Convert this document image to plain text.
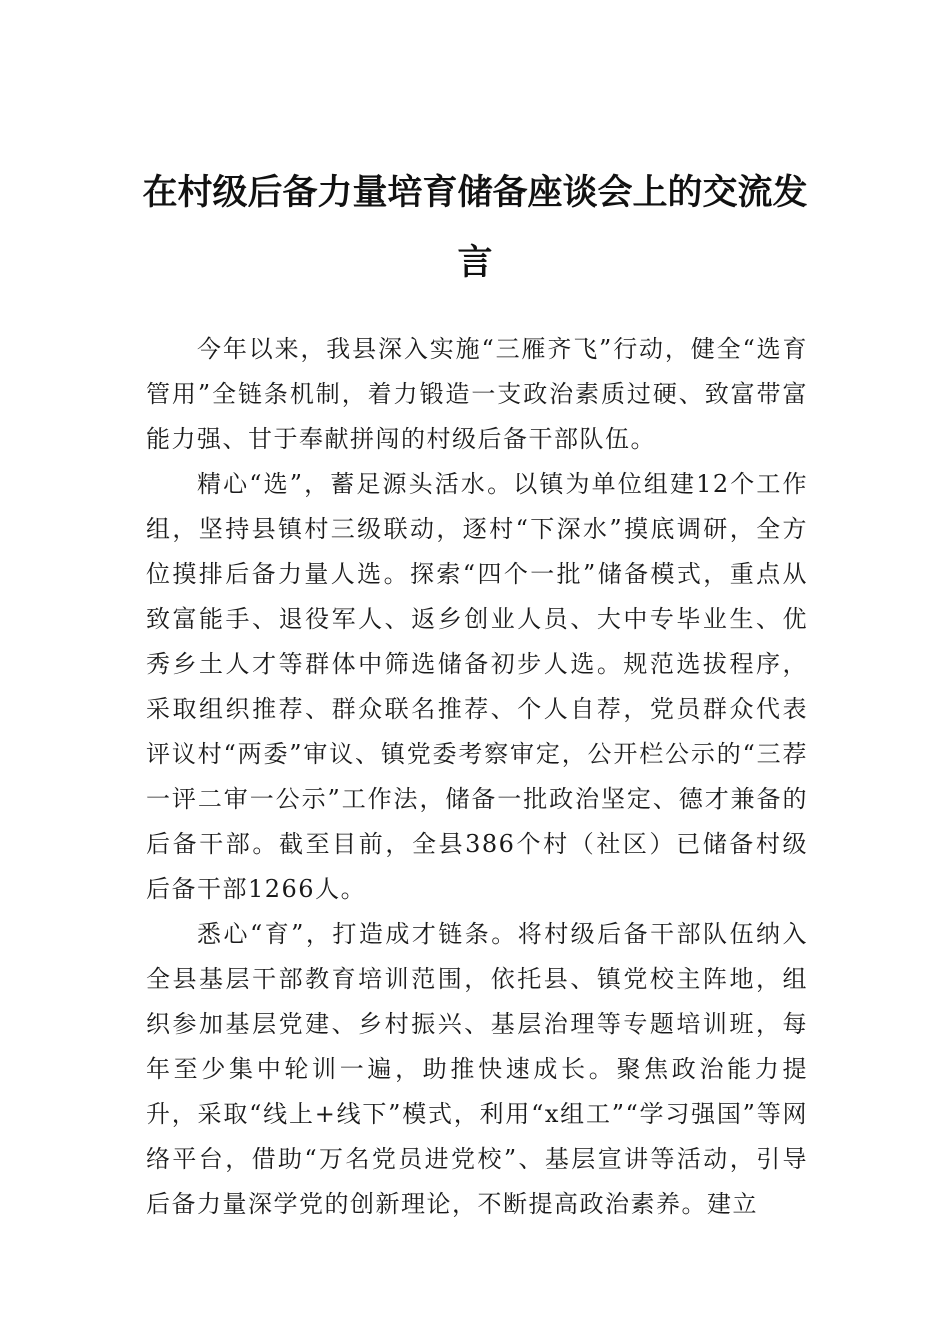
在村级后备力量培育储备座谈会上的交流发言

今年以来，我县深入实施“三雁齐飞”行动，健全“选育管用”全链条机制，着力锻造一支政治素质过硬、致富带富能力强、甘于奉献拼闯的村级后备干部队伍。

精心“选”，蓄足源头活水。以镇为单位组建12个工作组，坚持县镇村三级联动，逐村“下深水”摸底调研，全方位摸排后备力量人选。探索“四个一批”储备模式，重点从致富能手、退役军人、返乡创业人员、大中专毕业生、优秀乡土人才等群体中筛选储备初步人选。规范选拔程序，采取组织推荐、群众联名推荐、个人自荐，党员群众代表评议村“两委”审议、镇党委考察审定，公开栏公示的“三荐一评二审一公示”工作法，储备一批政治坚定、德才兼备的后备干部。截至目前，全县386个村（社区）已储备村级后备干部1266人。

悉心“育”，打造成才链条。将村级后备干部队伍纳入全县基层干部教育培训范围，依托县、镇党校主阵地，组织参加基层党建、乡村振兴、基层治理等专题培训班，每年至少集中轮训一遍，助推快速成长。聚焦政治能力提升，采取“线上+线下”模式，利用“x组工”“学习强国”等网络平台，借助“万名党员进党校”、基层宣讲等活动，引导后备力量深学党的创新理论，不断提高政治素养。建立
